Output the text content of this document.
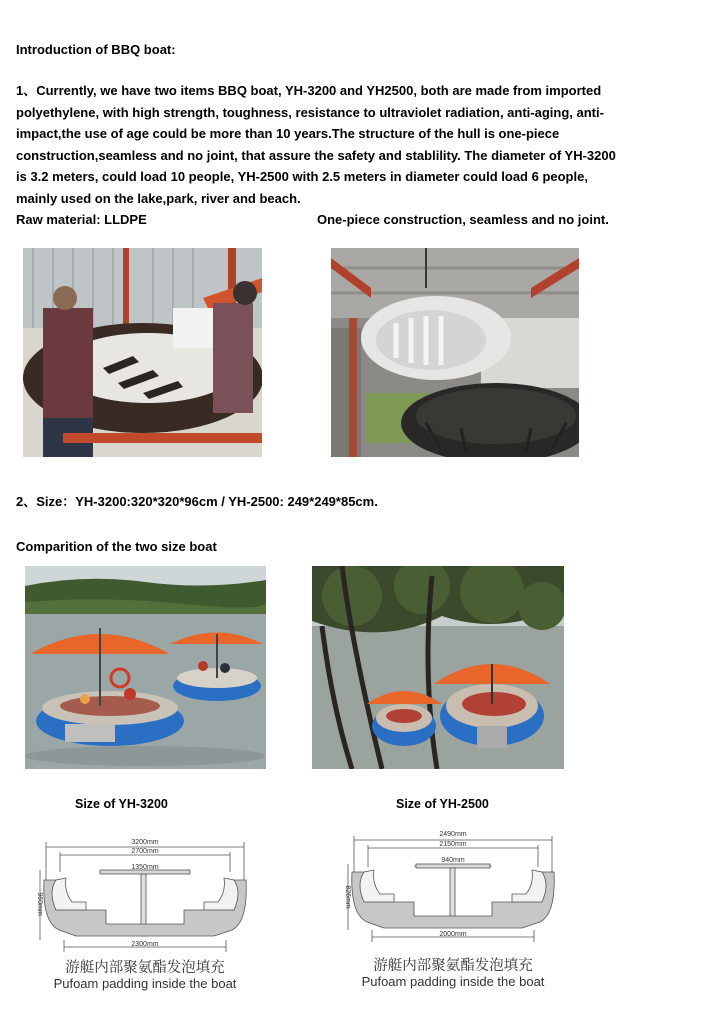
Introduction of BBQ boat:
1、Currently, we have two items BBQ boat, YH-3200 and YH2500, both are made from imported polyethylene, with high strength, toughness, resistance to ultraviolet radiation, anti-aging, anti-impact,the use of age could be more than 10 years.The structure of the hull is one-piece construction,seamless and no joint, that assure the safety and stablility. The diameter of YH-3200 is 3.2 meters, could load 10 people, YH-2500 with 2.5 meters in diameter could load 6 people, mainly used on the lake,park, river and beach.
Raw material: LLDPE	One-piece construction, seamless and no joint.
2、Size：YH-3200:320*320*96cm / YH-2500: 249*249*85cm.
Comparition of the two size boat
Size of YH-3200	Size of YH-2500
3200mm
2700mm
1350mm
2300mm
960mm
游艇内部聚氨酯发泡填充
Pufoam padding inside the boat
2490mm
2150mm
940mm
2000mm
826mm
游艇内部聚氨酯发泡填充
Pufoam padding inside the boat
